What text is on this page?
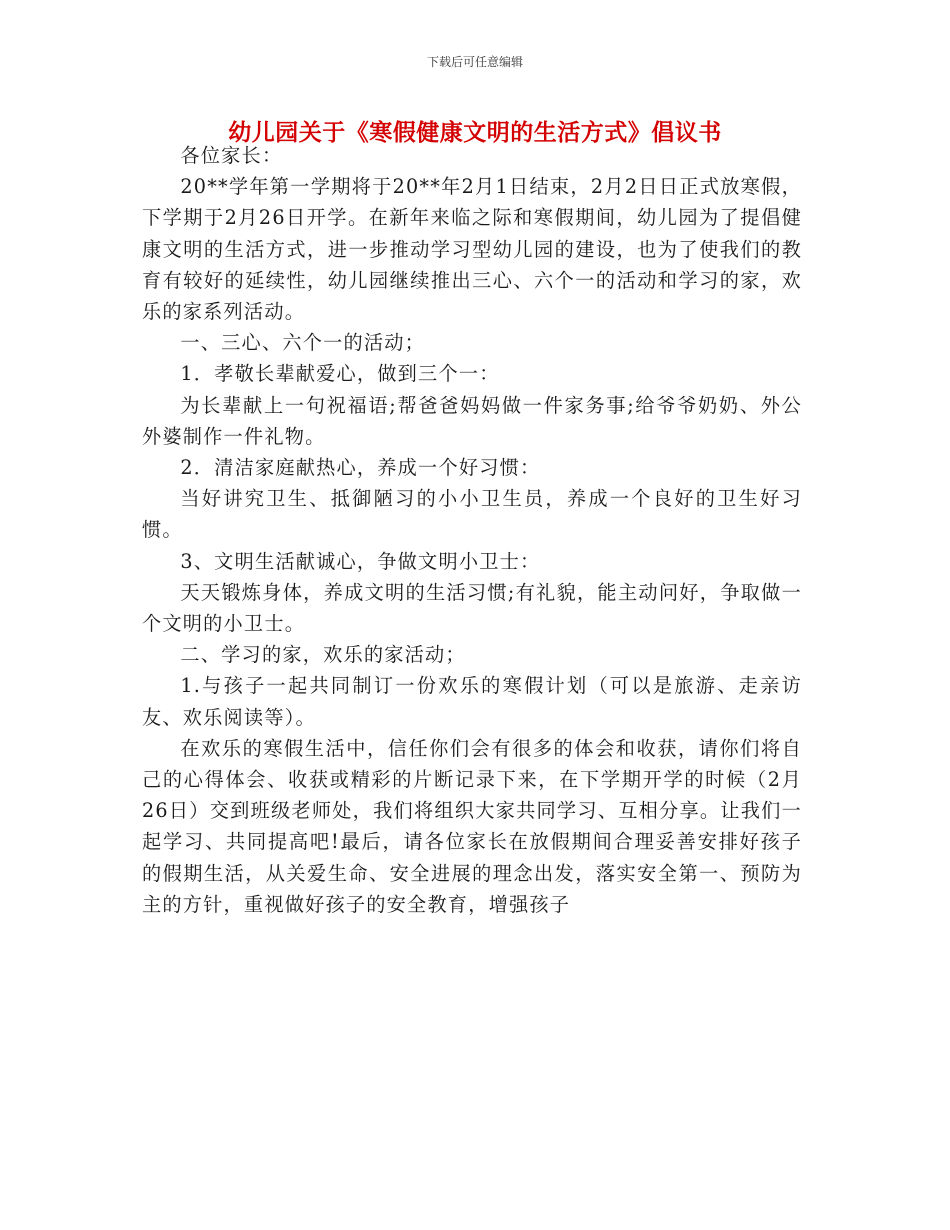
下载后可任意编辑
幼儿园关于《寒假健康文明的生活方式》倡议书

各位家长：

20**学年第一学期将于20**年2月1日结束，2月2日日正式放寒假，下学期于2月26日开学。在新年来临之际和寒假期间，幼儿园为了提倡健康文明的生活方式，进一步推动学习型幼儿园的建设，也为了使我们的教育有较好的延续性，幼儿园继续推出三心、六个一的活动和学习的家，欢乐的家系列活动。

一、三心、六个一的活动；

1．孝敬长辈献爱心，做到三个一：

为长辈献上一句祝福语;帮爸爸妈妈做一件家务事;给爷爷奶奶、外公外婆制作一件礼物。

2．清洁家庭献热心，养成一个好习惯：

当好讲究卫生、抵御陋习的小小卫生员，养成一个良好的卫生好习惯。

3、文明生活献诚心，争做文明小卫士：

天天锻炼身体，养成文明的生活习惯;有礼貌，能主动问好，争取做一个文明的小卫士。

二、学习的家，欢乐的家活动；

1.与孩子一起共同制订一份欢乐的寒假计划（可以是旅游、走亲访友、欢乐阅读等）。

在欢乐的寒假生活中，信任你们会有很多的体会和收获，请你们将自己的心得体会、收获或精彩的片断记录下来，在下学期开学的时候（2月26日）交到班级老师处，我们将组织大家共同学习、互相分享。让我们一起学习、共同提高吧!最后，请各位家长在放假期间合理妥善安排好孩子的假期生活，从关爱生命、安全进展的理念出发，落实安全第一、预防为主的方针，重视做好孩子的安全教育，增强孩子
